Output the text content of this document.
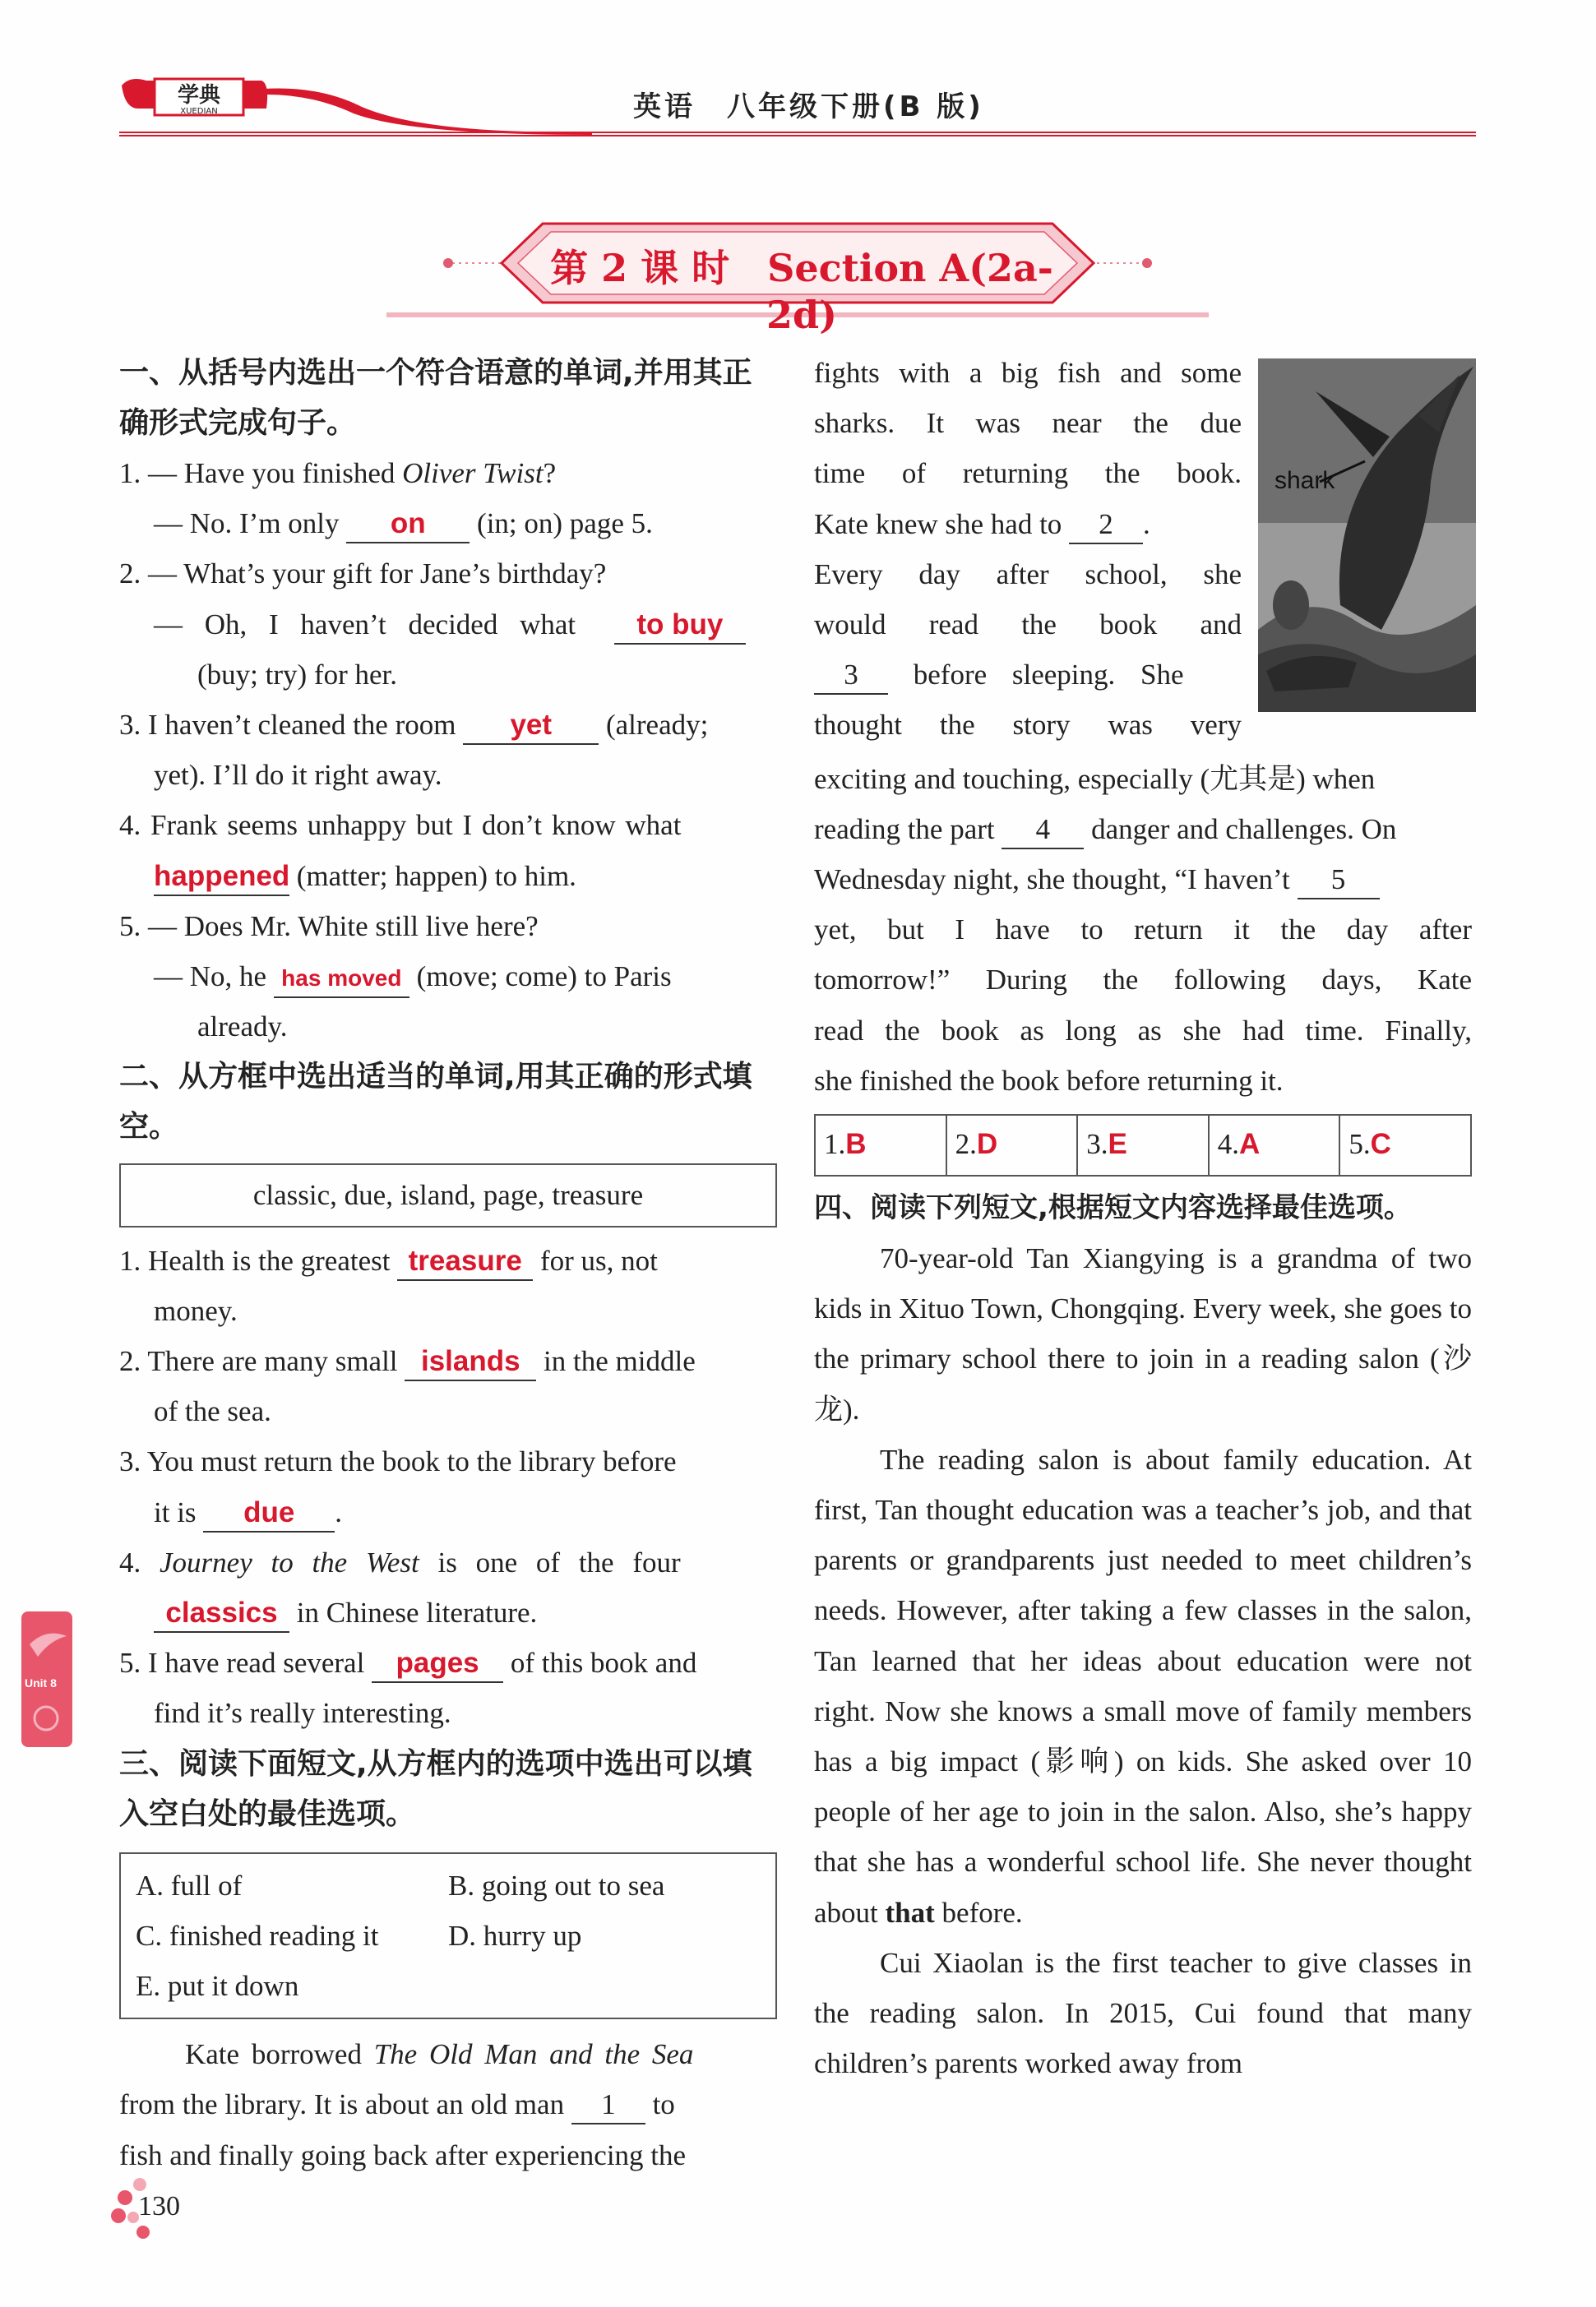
学典
XUEDIAN	英语　八年级下册(B 版)
第 2 课 时　Section A(2a-2d)
一、从括号内选出一个符合语意的单词,并用其正确形式完成句子。
1. — Have you finished Oliver Twist?
— No. I’m only on (in; on) page 5.
2. — What’s your gift for Jane’s birthday?
— Oh, I haven’t decided what to buy
(buy; try) for her.
3. I haven’t cleaned the room yet (already;
yet). I’ll do it right away.
4. Frank seems unhappy but I don’t know what
happened (matter; happen) to him.
5. — Does Mr. White still live here?
— No, he has moved (move; come) to Paris
already.
二、从方框中选出适当的单词,用其正确的形式填空。
classic, due, island, page, treasure
1. Health is the greatest treasure for us, not
money.
2. There are many small islands in the middle
of the sea.
3. You must return the book to the library before
it is due .
4. Journey to the West is one of the four
classics in Chinese literature.
5. I have read several pages of this book and
find it’s really interesting.
三、阅读下面短文,从方框内的选项中选出可以填入空白处的最佳选项。
A. full of	B. going out to sea
C. finished reading it	D. hurry up
E. put it down
Kate borrowed The Old Man and the Sea
from the library. It is about an old man 1 to
fish and finally going back after experiencing the
shark
fights with a big fish and some
sharks. It was near the due
time of returning the book.
Kate knew she had to 2 .
Every day after school, she
would read the book and
3 before sleeping. She
thought the story was very
exciting and touching, especially (尤其是) when
reading the part 4 danger and challenges. On
Wednesday night, she thought, “I haven’t 5
yet, but I have to return it the day after
tomorrow!” During the following days, Kate
read the book as long as she had time. Finally,
she finished the book before returning it.
1.B	2.D	3.E	4.A	5.C
四、阅读下列短文,根据短文内容选择最佳选项。
70-year-old Tan Xiangying is a grandma of two kids in Xituo Town, Chongqing. Every week, she goes to the primary school there to join in a reading salon (沙龙).
The reading salon is about family education. At first, Tan thought education was a teacher’s job, and that parents or grandparents just needed to meet children’s needs. However, after taking a few classes in the salon, Tan learned that her ideas about education were not right. Now she knows a small move of family members has a big impact (影响) on kids. She asked over 10 people of her age to join in the salon. Also, she’s happy that she has a wonderful school life. She never thought about that before.
Cui Xiaolan is the first teacher to give classes in the reading salon. In 2015, Cui found that many children’s parents worked away from
Unit 8
130
